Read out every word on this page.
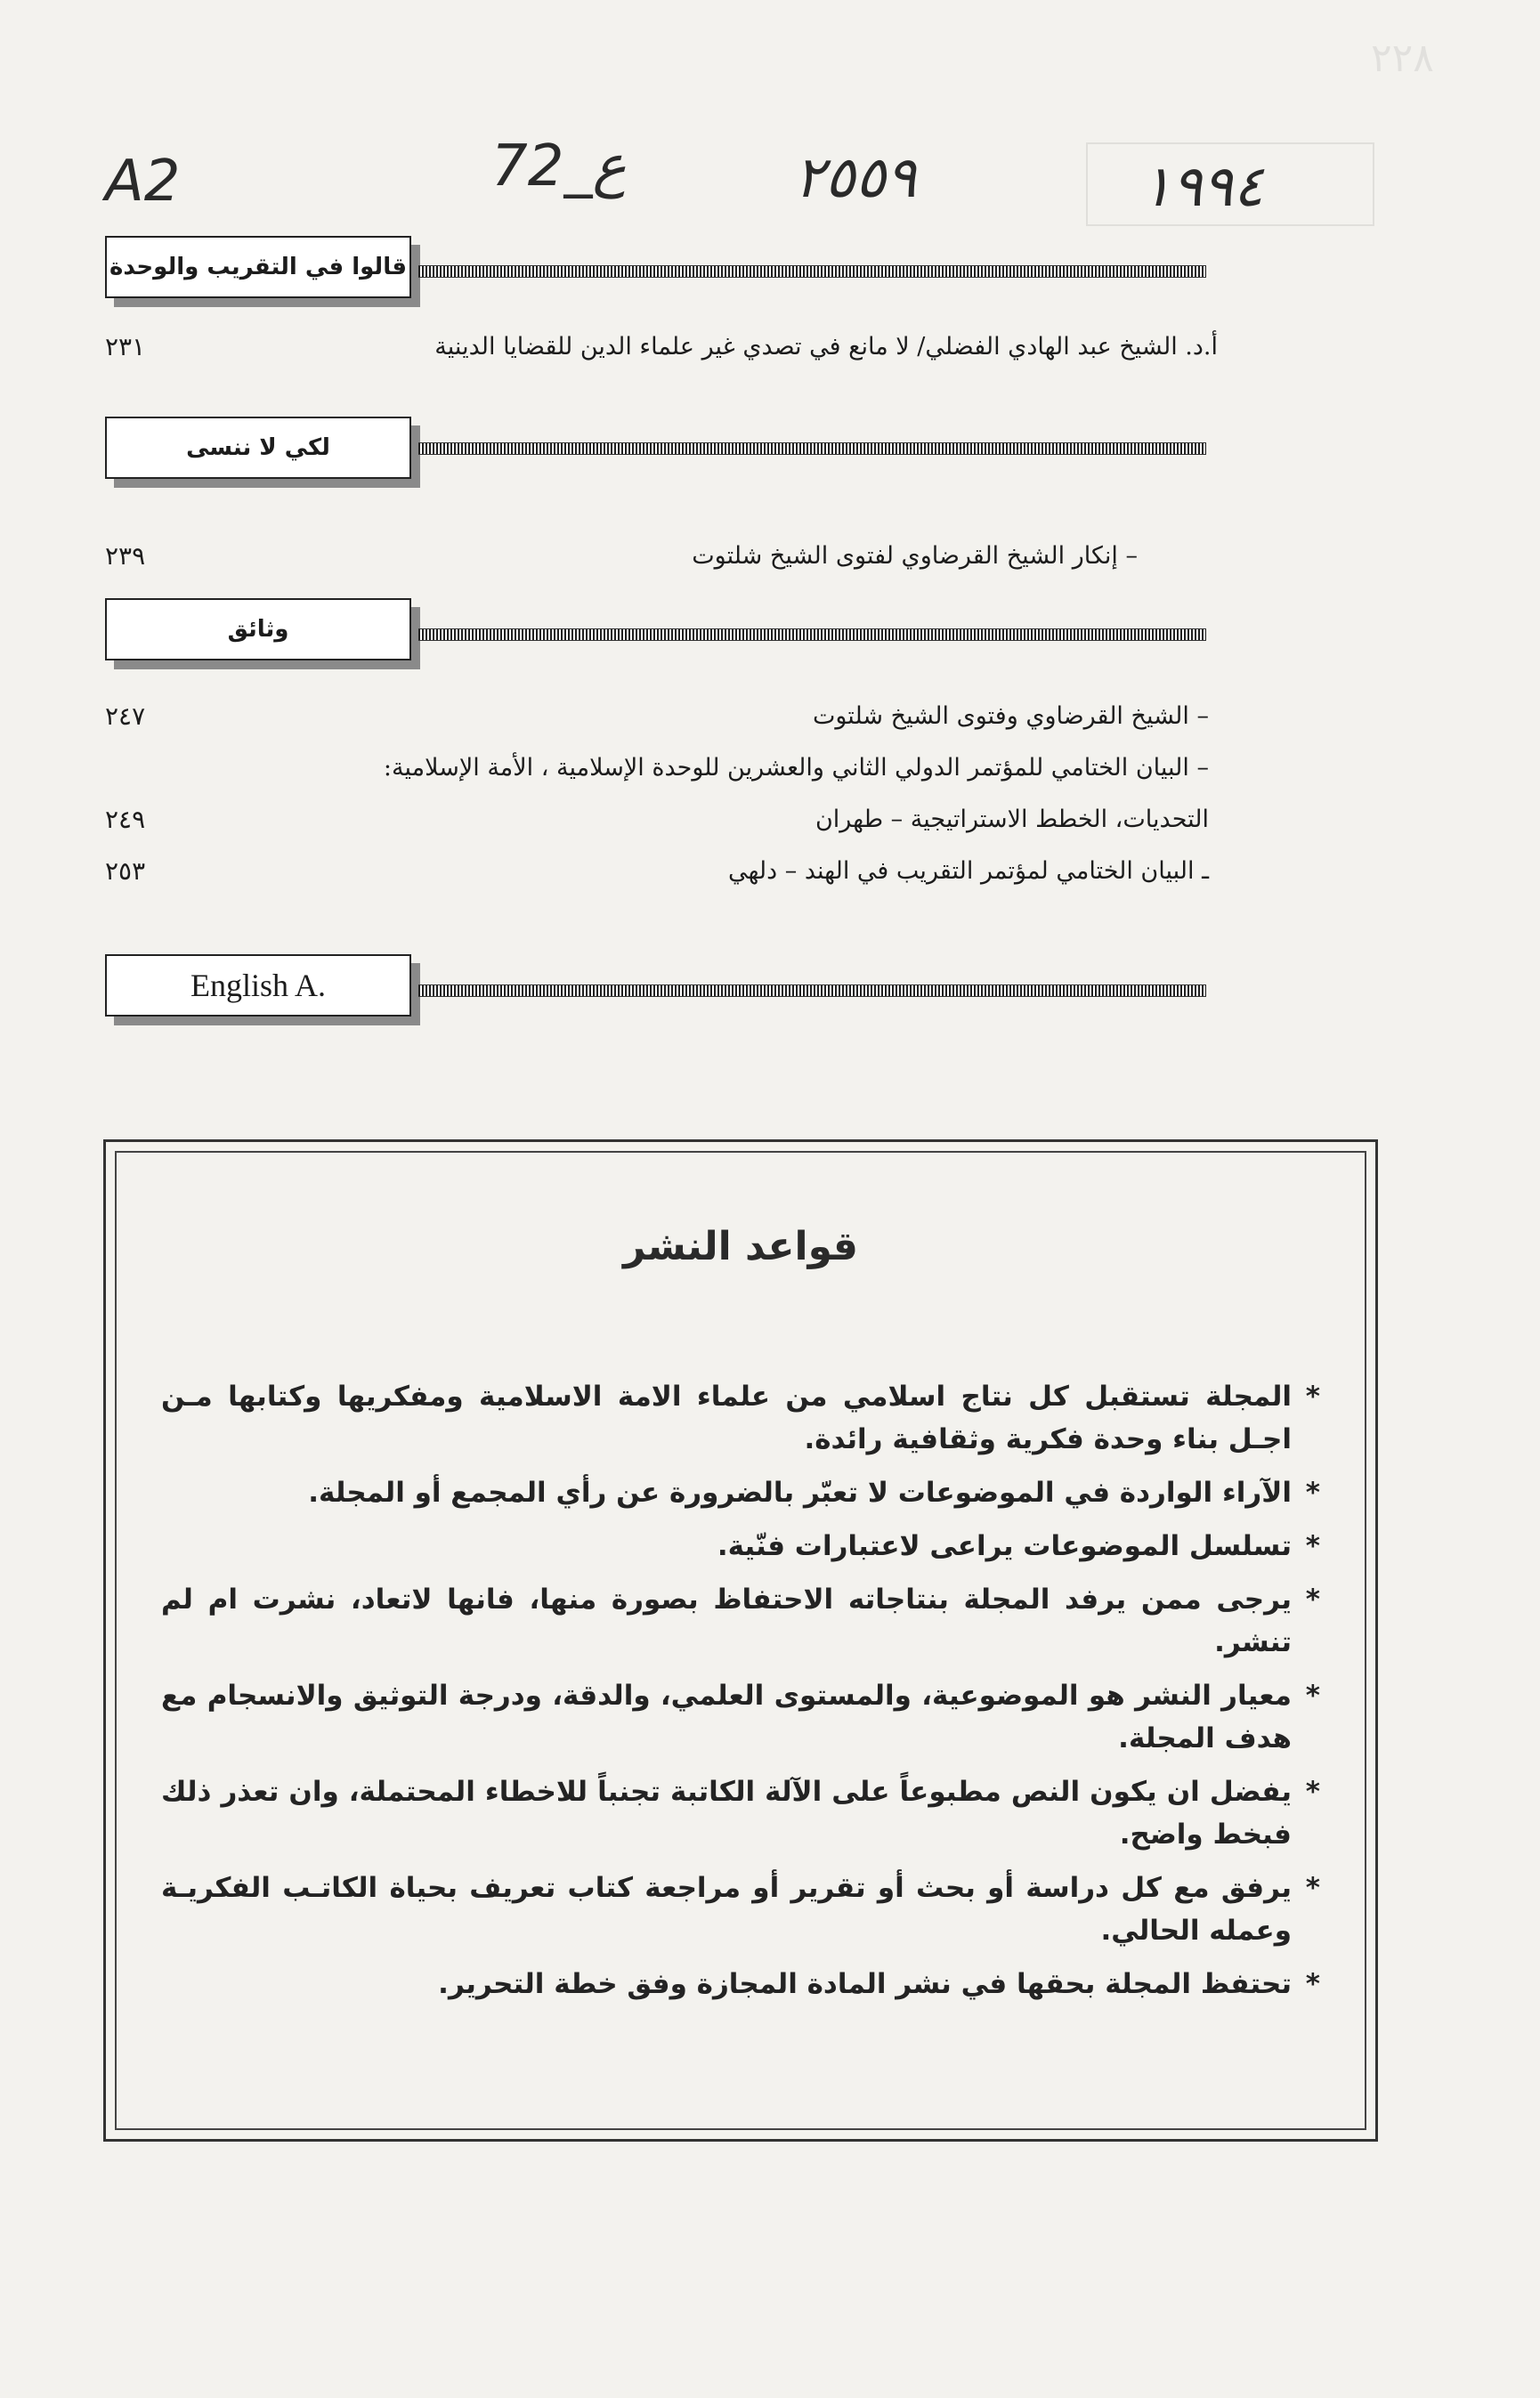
۲۲۸
A2	72_ع	٢٥٥٩	١٩٩٤
قالوا في التقريب والوحدة
أ.د. الشيخ عبد الهادي الفضلي/ لا مانع في تصدي غير علماء الدين للقضايا الدينية
٢٣١
لكي لا ننسى
– إنكار الشيخ القرضاوي لفتوى الشيخ شلتوت
٢٣٩
وثائق
– الشيخ القرضاوي وفتوى الشيخ شلتوت
٢٤٧
– البيان الختامي للمؤتمر الدولي الثاني والعشرين للوحدة الإسلامية ، الأمة الإسلامية:
التحديات، الخطط الاستراتيجية – طهران
٢٤٩
ـ البيان الختامي لمؤتمر التقريب في الهند – دلهي
٢٥٣
English A.
قواعد النشر
* المجلة تستقبل كل نتاج اسلامي من علماء الامة الاسلامية ومفكريها وكتابها مـن اجـل بناء وحدة فكرية وثقافية رائدة.
* الآراء الواردة في الموضوعات لا تعبّر بالضرورة عن رأي المجمع أو المجلة.
* تسلسل الموضوعات يراعى لاعتبارات فنّية.
* يرجى ممن يرفد المجلة بنتاجاته الاحتفاظ بصورة منها، فانها لاتعاد، نشرت ام لم تنشر.
* معيار النشر هو الموضوعية، والمستوى العلمي، والدقة، ودرجة التوثيق والانسجام مع هدف المجلة.
* يفضل ان يكون النص مطبوعاً على الآلة الكاتبة تجنباً للاخطاء المحتملة، وان تعذر ذلك فبخط واضح.
* يرفق مع كل دراسة أو بحث أو تقرير أو مراجعة كتاب تعريف بحياة الكاتـب الفكريـة وعمله الحالي.
* تحتفظ المجلة بحقها في نشر المادة المجازة وفق خطة التحرير.
